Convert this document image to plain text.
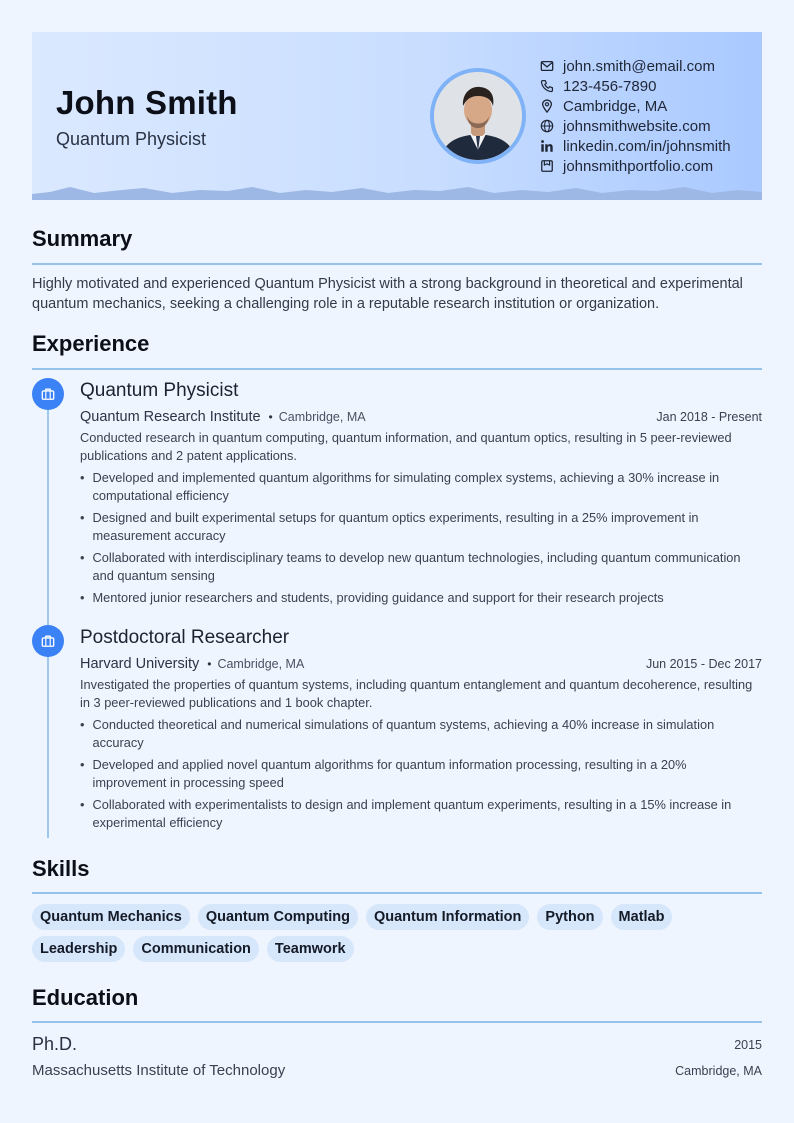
John Smith
Quantum Physicist
john.smith@email.com
123-456-7890
Cambridge, MA
johnsmithwebsite.com
linkedin.com/in/johnsmith
johnsmithportfolio.com
Summary
Highly motivated and experienced Quantum Physicist with a strong background in theoretical and experimental quantum mechanics, seeking a challenging role in a reputable research institution or organization.
Experience
Quantum Physicist
Quantum Research Institute • Cambridge, MA	Jan 2018 - Present
Conducted research in quantum computing, quantum information, and quantum optics, resulting in 5 peer-reviewed publications and 2 patent applications.
• Developed and implemented quantum algorithms for simulating complex systems, achieving a 30% increase in computational efficiency
• Designed and built experimental setups for quantum optics experiments, resulting in a 25% improvement in measurement accuracy
• Collaborated with interdisciplinary teams to develop new quantum technologies, including quantum communication and quantum sensing
• Mentored junior researchers and students, providing guidance and support for their research projects
Postdoctoral Researcher
Harvard University • Cambridge, MA	Jun 2015 - Dec 2017
Investigated the properties of quantum systems, including quantum entanglement and quantum decoherence, resulting in 3 peer-reviewed publications and 1 book chapter.
• Conducted theoretical and numerical simulations of quantum systems, achieving a 40% increase in simulation accuracy
• Developed and applied novel quantum algorithms for quantum information processing, resulting in a 20% improvement in processing speed
• Collaborated with experimentalists to design and implement quantum experiments, resulting in a 15% increase in experimental efficiency
Skills
Quantum Mechanics	Quantum Computing	Quantum Information	Python	Matlab
Leadership	Communication	Teamwork
Education
Ph.D.	2015
Massachusetts Institute of Technology	Cambridge, MA
